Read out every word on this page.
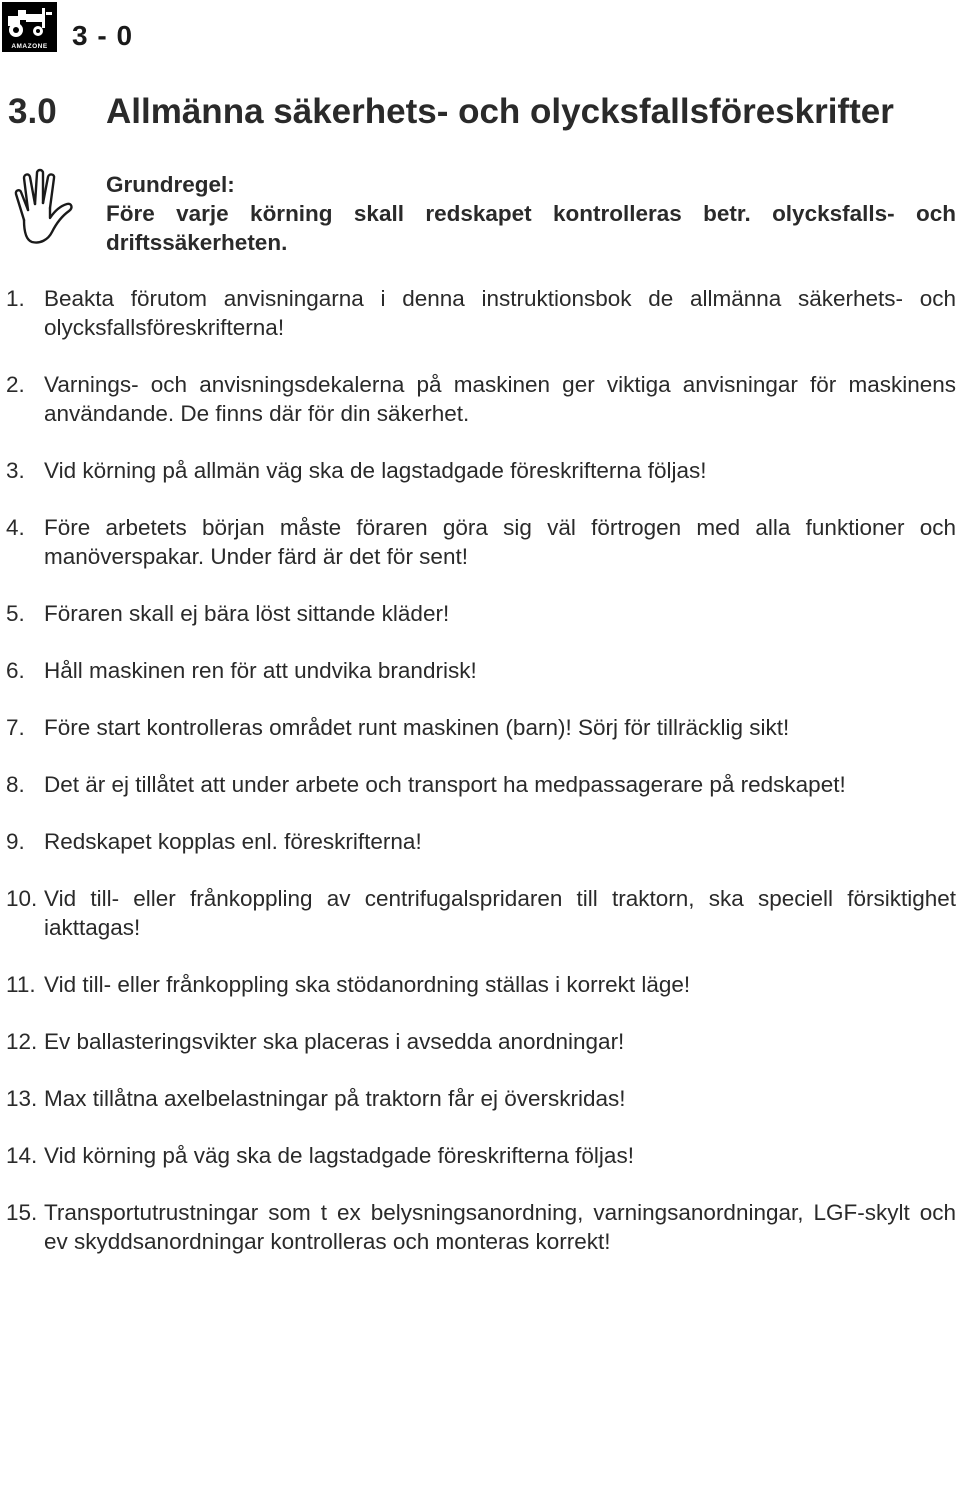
AMAZONE 3 - 0
3.0 Allmänna säkerhets- och olycksfallsföreskrifter
Grundregel:
Före varje körning skall redskapet kontrolleras betr. olycksfalls- och driftssäkerheten.
1. Beakta förutom anvisningarna i denna instruktionsbok de allmänna säkerhets- och olycksfallsföreskrifterna!
2. Varnings- och anvisningsdekalerna på maskinen ger viktiga anvisningar för maskinens användande. De finns där för din säkerhet.
3. Vid körning på allmän väg ska de lagstadgade föreskrifterna följas!
4. Före arbetets början måste föraren göra sig väl förtrogen med alla funktioner och manöverspakar. Under färd är det för sent!
5. Föraren skall ej bära löst sittande kläder!
6. Håll maskinen ren för att undvika brandrisk!
7. Före start kontrolleras området runt maskinen (barn)! Sörj för tillräcklig sikt!
8. Det är ej tillåtet att under arbete och transport ha medpassagerare på redskapet!
9. Redskapet kopplas enl. föreskrifterna!
10. Vid till- eller frånkoppling av centrifugalspridaren till traktorn, ska speciell försiktighet iakttagas!
11. Vid till- eller frånkoppling ska stödanordning ställas i korrekt läge!
12. Ev ballasteringsvikter ska placeras i avsedda anordningar!
13. Max tillåtna axelbelastningar på traktorn får ej överskridas!
14. Vid körning på väg ska de lagstadgade föreskrifterna följas!
15. Transportutrustningar som t ex belysningsanordning, varningsanordningar, LGF-skylt och ev skyddsanordningar kontrolleras och monteras korrekt!
